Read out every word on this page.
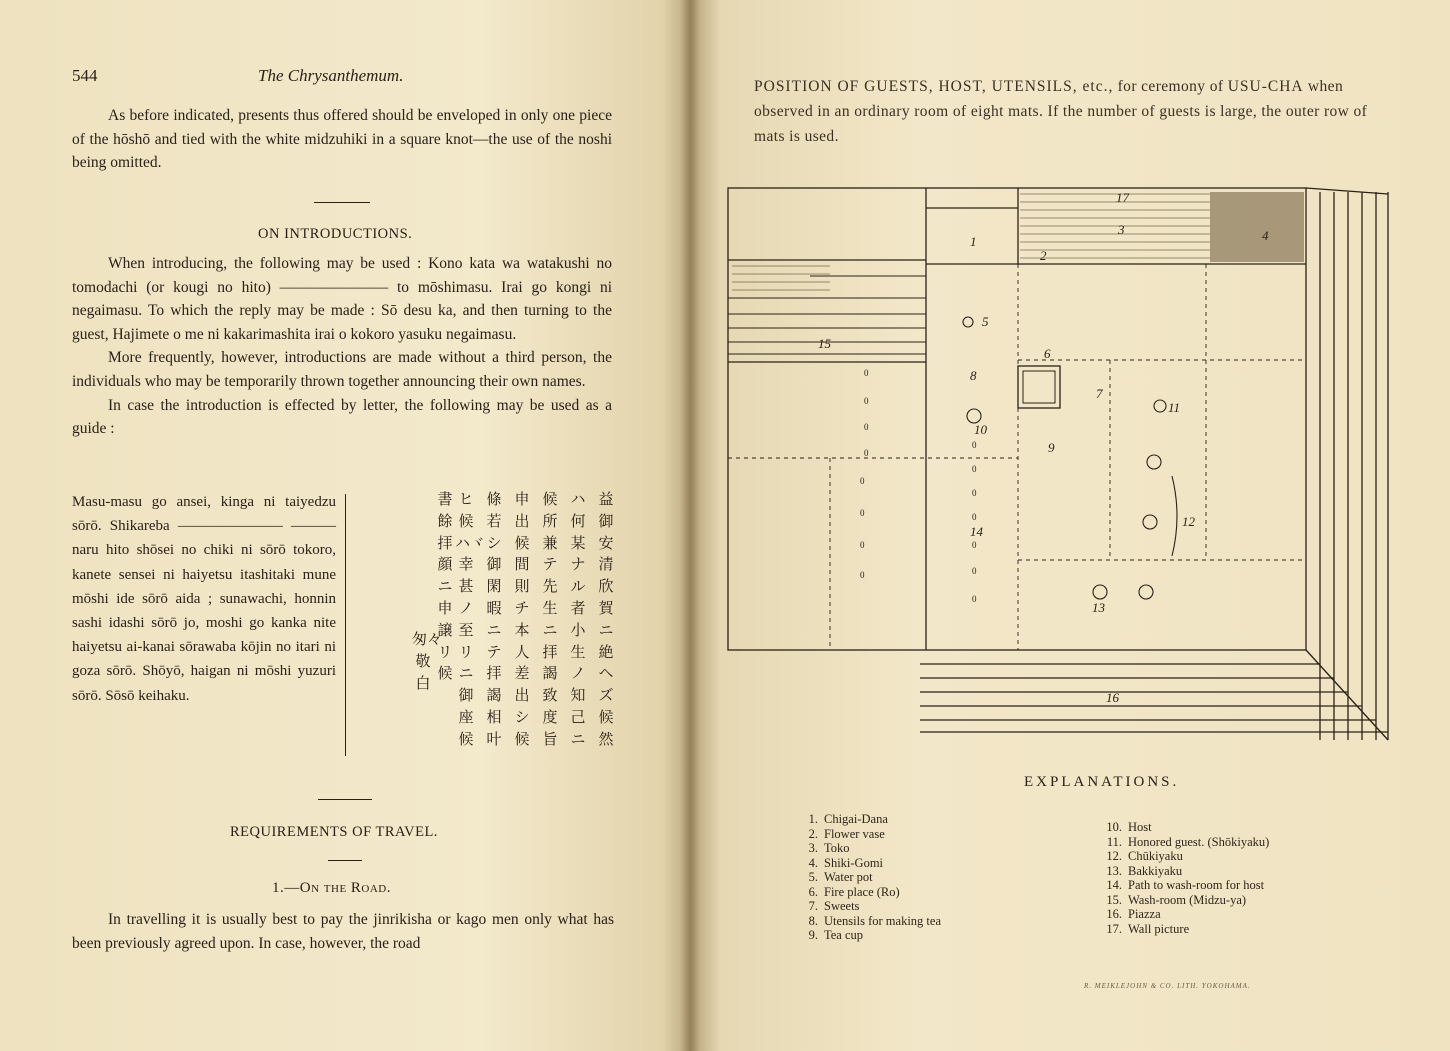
544	The Chrysanthemum.

As before indicated, presents thus offered should be enveloped in only one piece of the hōshō and tied with the white midzuhiki in a square knot—the use of the noshi being omitted.

ON INTRODUCTIONS.

When introducing, the following may be used : Kono kata wa watakushi no tomodachi (or kougi no hito) ——————— to mōshimasu. Irai go kongi ni negaimasu. To which the reply may be made : Sō desu ka, and then turning to the guest, Hajimete o me ni kakarimashita irai o kokoro yasuku negaimasu.

More frequently, however, introductions are made without a third person, the individuals who may be temporarily thrown together announcing their own names.

In case the introduction is effected by letter, the following may be used as a guide :

Masu-masu go ansei, kinga ni taiyedzu sōrō. Shikareba ——————— ——— naru hito shōsei no chiki ni sōrō tokoro, kanete sensei ni haiyetsu itashitaki mune mōshi ide sōrō aida ; sunawachi, honnin sashi idashi sōrō jo, moshi go kanka nite haiyetsu ai-kanai sōrawaba kōjin no itari ni goza sōrō. Shōyō, haigan ni mōshi yuzuri sōrō. Sōsō keihaku.

益御安清欣賀ニ絶ヘズ候然
ハ何某ナル者小生ノ知己ニ
候所兼テ先生ニ拝謁致度旨
申出候間則チ本人差出シ候
條若シ御閑暇ニテ拝謁相叶
ヒ候ハヾ幸甚ノ至リニ御座候
書餘拝顔ニ申譲リ候
匆々敬白
REQUIREMENTS OF TRAVEL.
1.—On the Road.

In travelling it is usually best to pay the jinrikisha or kago men only what has been previously agreed upon. In case, however, the road

POSITION OF GUESTS, HOST, UTENSILS, etc., for ceremony of USU-CHA when observed in an ordinary room of eight mats. If the number of guests is large, the outer row of mats is used.
0
0
0
0
0
0
0
0
0
0
0
0
0
0
0
1
2
3	4
5
6
7
8
9
10
11
12
13
14
15
16
17
EXPLANATIONS.
1. Chigai-Dana
2. Flower vase
3. Toko
4. Shiki-Gomi
5. Water pot
6. Fire place (Ro)
7. Sweets
8. Utensils for making tea
9. Tea cup
10. Host
11. Honored guest. (Shōkiyaku)
12. Chūkiyaku
13. Bakkiyaku
14. Path to wash-room for host
15. Wash-room (Midzu-ya)
16. Piazza
17. Wall picture
R. MEIKLEJOHN & CO. LITH. YOKOHAMA.
